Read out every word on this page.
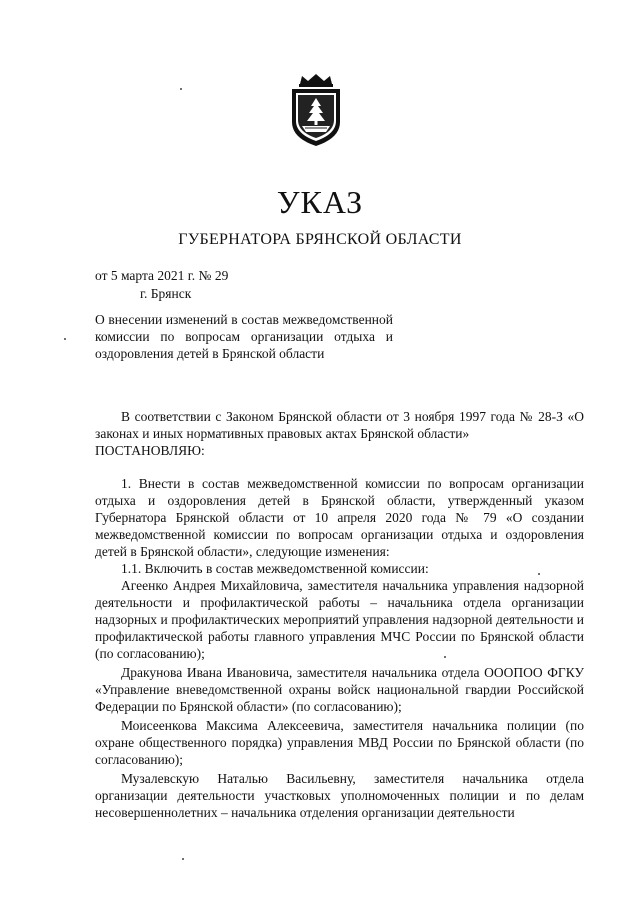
УКАЗ
ГУБЕРНАТОРА БРЯНСКОЙ ОБЛАСТИ
от 5 марта 2021 г. № 29
г. Брянск
О внесении изменений в состав межведомственной комиссии по вопросам организации отдыха и оздоровления детей в Брянской области

В соответствии с Законом Брянской области от 3 ноября 1997 года № 28-З «О законах и иных нормативных правовых актах Брянской области»

ПОСТАНОВЛЯЮ:

1. Внести в состав межведомственной комиссии по вопросам организации отдыха и оздоровления детей в Брянской области, утвержденный указом Губернатора Брянской области от 10 апреля 2020 года № 79 «О создании межведомственной комиссии по вопросам организации отдыха и оздоровления детей в Брянской области», следующие изменения:

1.1. Включить в состав межведомственной комиссии:

Агеенко Андрея Михайловича, заместителя начальника управления надзорной деятельности и профилактической работы – начальника отдела организации надзорных и профилактических мероприятий управления надзорной деятельности и профилактической работы главного управления МЧС России по Брянской области (по согласованию);

Дракунова Ивана Ивановича, заместителя начальника отдела ОООПОО ФГКУ «Управление вневедомственной охраны войск национальной гвардии Российской Федерации по Брянской области» (по согласованию);

Моисеенкова Максима Алексеевича, заместителя начальника полиции (по охране общественного порядка) управления МВД России по Брянской области (по согласованию);

Музалевскую Наталью Васильевну, заместителя начальника отдела организации деятельности участковых уполномоченных полиции и по делам несовершеннолетних – начальника отделения организации деятельности
